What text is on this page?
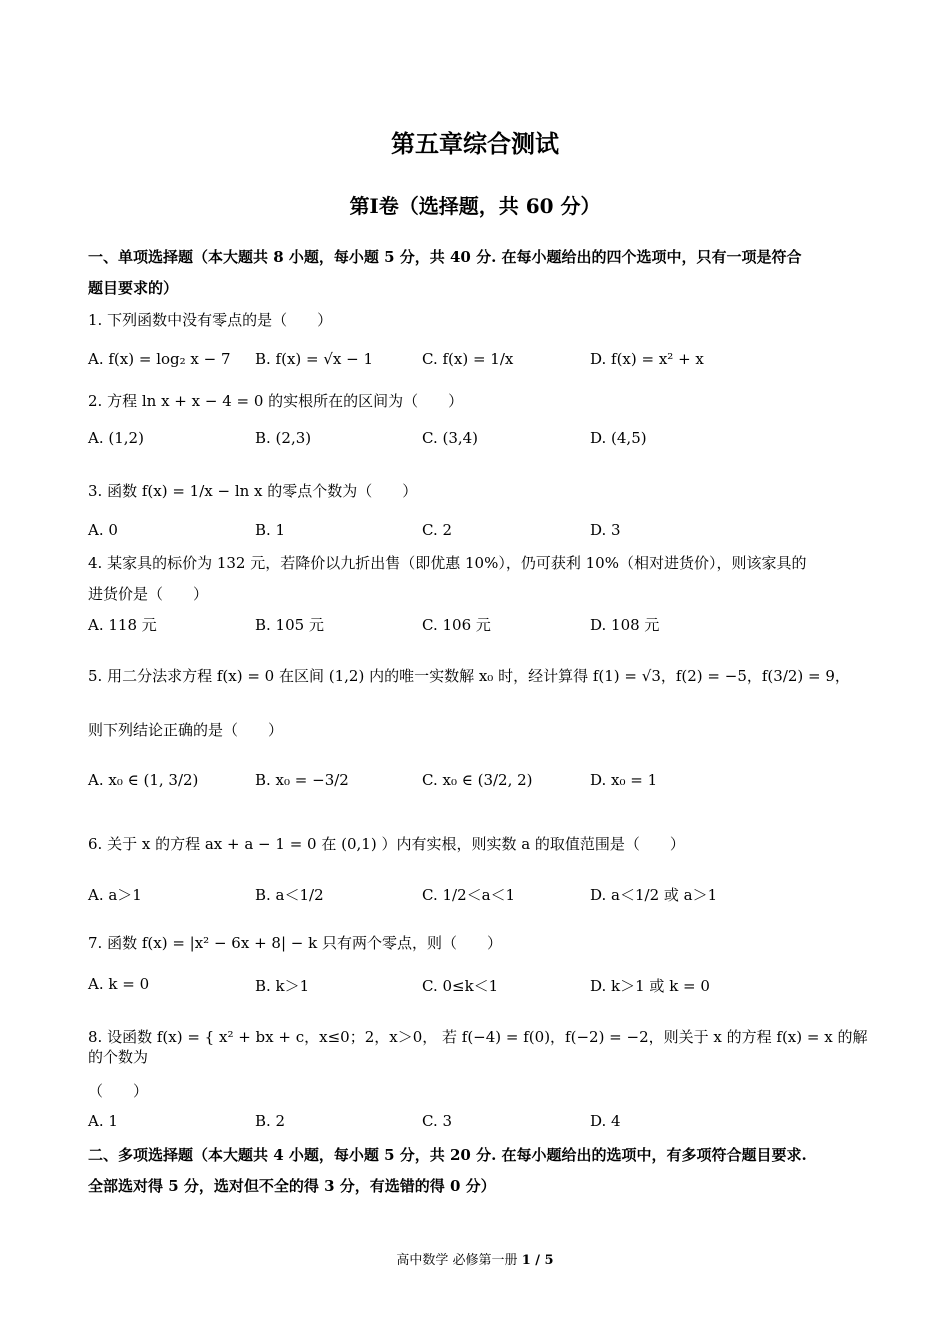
第五章综合测试
第Ⅰ卷（选择题，共 60 分）
一、单项选择题（本大题共 8 小题，每小题 5 分，共 40 分. 在每小题给出的四个选项中，只有一项是符合
题目要求的）
1. 下列函数中没有零点的是（　　）
A. f(x) = log₂ x − 7 B. f(x) = √x − 1	C. f(x) = 1/x	D. f(x) = x² + x
2. 方程 ln x + x − 4 = 0 的实根所在的区间为（　　）
A. (1,2)	B. (2,3)	C. (3,4)	D. (4,5)
3. 函数 f(x) = 1/x − ln x 的零点个数为（　　）
A. 0	B. 1	C. 2	D. 3
4. 某家具的标价为 132 元，若降价以九折出售（即优惠 10%），仍可获利 10%（相对进货价），则该家具的
进货价是（　　）
A. 118 元	B. 105 元	C. 106 元	D. 108 元
5. 用二分法求方程 f(x) = 0 在区间 (1,2) 内的唯一实数解 x₀ 时，经计算得 f(1) = √3，f(2) = −5，f(3/2) = 9，
则下列结论正确的是（　　）
A. x₀ ∈ (1, 3/2)	B. x₀ = −3/2	C. x₀ ∈ (3/2, 2)	D. x₀ = 1
6. 关于 x 的方程 ax + a − 1 = 0 在 (0,1) ）内有实根，则实数 a 的取值范围是（　　）
A. a＞1	B. a＜1/2	C. 1/2＜a＜1	D. a＜1/2 或 a＞1
7. 函数 f(x) = |x² − 6x + 8| − k 只有两个零点，则（　　）
A. k = 0	B. k＞1	C. 0≤k＜1	D. k＞1 或 k = 0
8. 设函数 f(x) = { x² + bx + c，x≤0；2，x＞0， 若 f(−4) = f(0)，f(−2) = −2，则关于 x 的方程 f(x) = x 的解的个数为
（　　）
A. 1	B. 2	C. 3	D. 4
二、多项选择题（本大题共 4 小题，每小题 5 分，共 20 分. 在每小题给出的选项中，有多项符合题目要求.
全部选对得 5 分，选对但不全的得 3 分，有选错的得 0 分）
高中数学 必修第一册 1 / 5
